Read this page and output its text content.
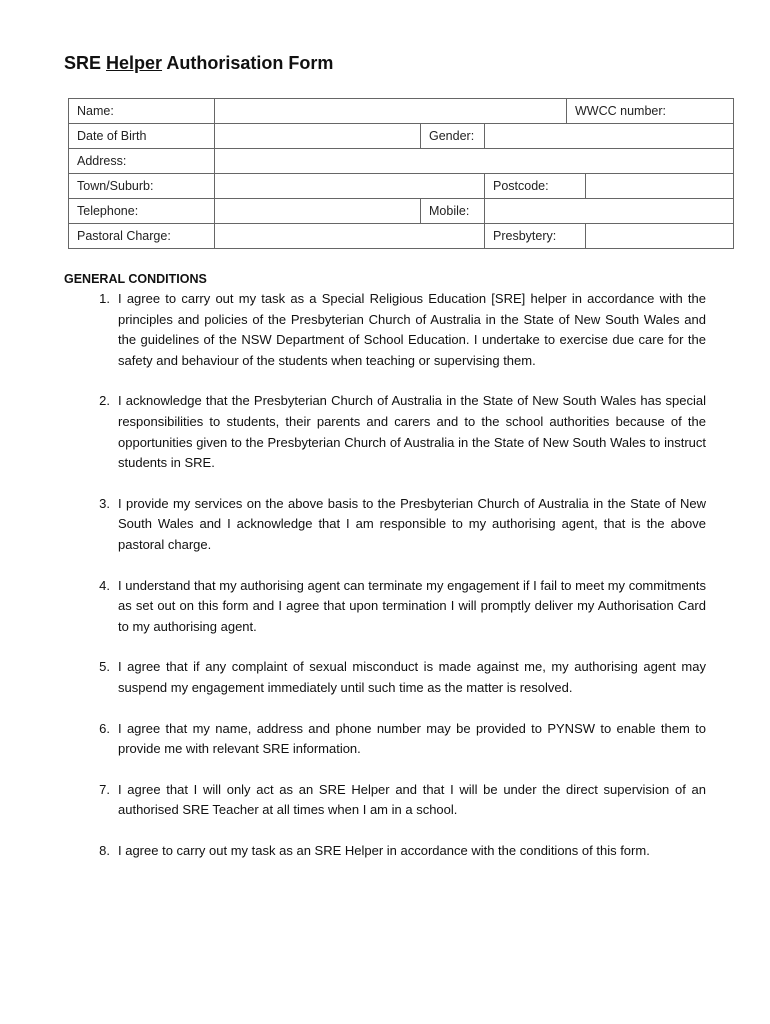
SRE Helper Authorisation Form
Name:				WWCC number:	
Date of Birth		Gender:			
Address:					
Town/Suburb:			Postcode:		
Telephone:		Mobile:			
Pastoral Charge:			Presbytery:		
GENERAL CONDITIONS
1. I agree to carry out my task as a Special Religious Education [SRE] helper in accordance with the principles and policies of the Presbyterian Church of Australia in the State of New South Wales and the guidelines of the NSW Department of School Education. I undertake to exercise due care for the safety and behaviour of the students when teaching or supervising them.
2. I acknowledge that the Presbyterian Church of Australia in the State of New South Wales has special responsibilities to students, their parents and carers and to the school authorities because of the opportunities given to the Presbyterian Church of Australia in the State of New South Wales to instruct students in SRE.
3. I provide my services on the above basis to the Presbyterian Church of Australia in the State of New South Wales and I acknowledge that I am responsible to my authorising agent, that is the above pastoral charge.
4. I understand that my authorising agent can terminate my engagement if I fail to meet my commitments as set out on this form and I agree that upon termination I will promptly deliver my Authorisation Card to my authorising agent.
5. I agree that if any complaint of sexual misconduct is made against me, my authorising agent may suspend my engagement immediately until such time as the matter is resolved.
6. I agree that my name, address and phone number may be provided to PYNSW to enable them to provide me with relevant SRE information.
7. I agree that I will only act as an SRE Helper and that I will be under the direct supervision of an authorised SRE Teacher at all times when I am in a school.
8. I agree to carry out my task as an SRE Helper in accordance with the conditions of this form.
